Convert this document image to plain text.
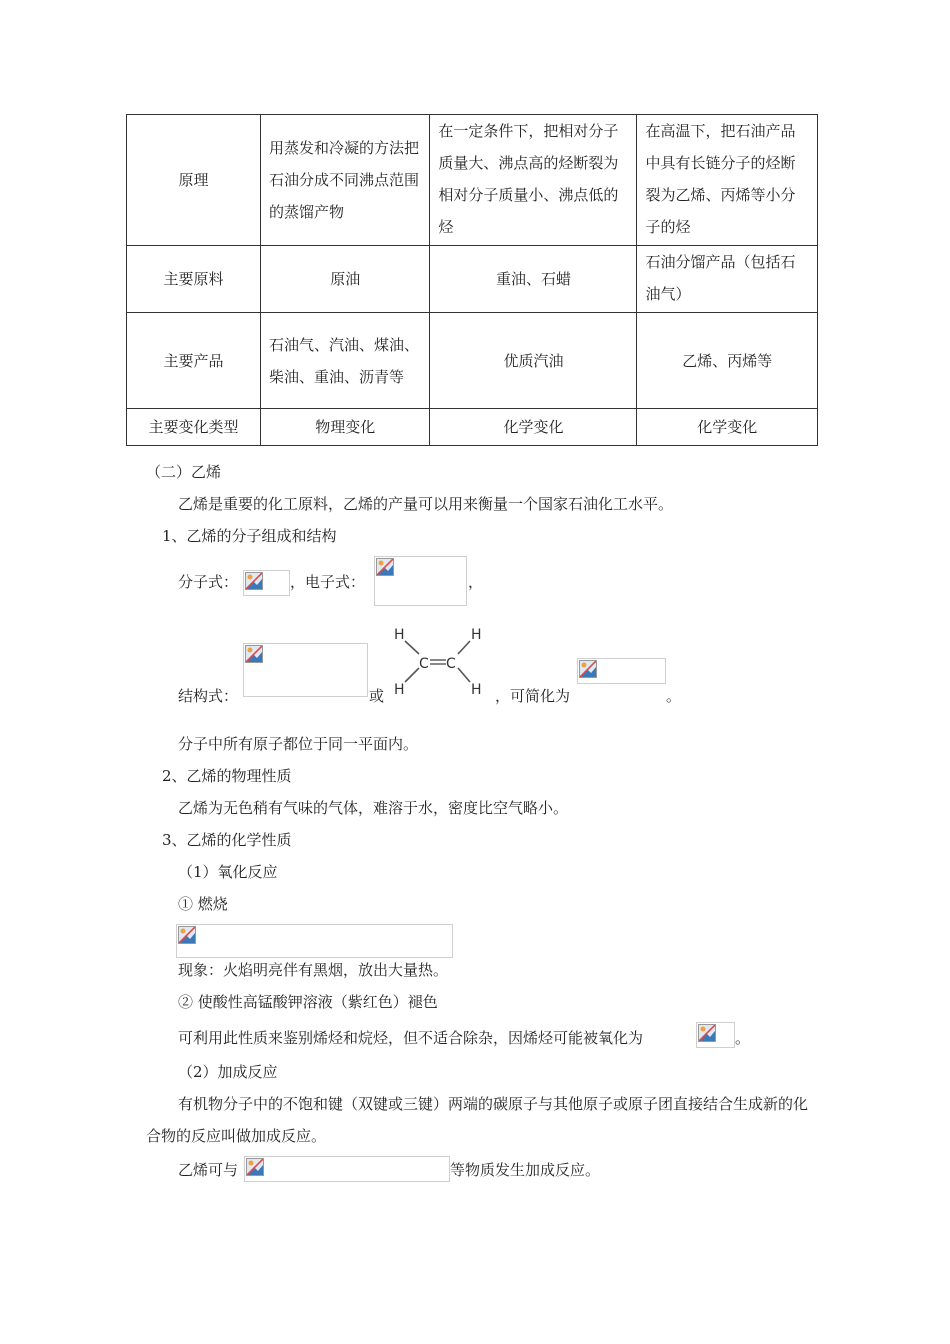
原理	用蒸发和冷凝的方法把石油分成不同沸点范围的蒸馏产物	在一定条件下，把相对分子质量大、沸点高的烃断裂为相对分子质量小、沸点低的烃	在高温下，把石油产品中具有长链分子的烃断裂为乙烯、丙烯等小分子的烃
主要原料	原油	重油、石蜡	石油分馏产品（包括石油气）
主要产品	石油气、汽油、煤油、柴油、重油、沥青等	优质汽油	乙烯、丙烯等
主要变化类型	物理变化	化学变化	化学变化
（二）乙烯
乙烯是重要的化工原料，乙烯的产量可以用来衡量一个国家石油化工水平。
1、乙烯的分子组成和结构
分子式：	，电子式：	，
结构式：	或
H	H
H	H
C C
，可简化为	。
分子中所有原子都位于同一平面内。
2、乙烯的物理性质
乙烯为无色稍有气味的气体，难溶于水，密度比空气略小。
3、乙烯的化学性质
（1）氧化反应
① 燃烧
现象：火焰明亮伴有黑烟，放出大量热。
② 使酸性高锰酸钾溶液（紫红色）褪色
可利用此性质来鉴别烯烃和烷烃，但不适合除杂，因烯烃可能被氧化为	。
（2）加成反应
有机物分子中的不饱和键（双键或三键）两端的碳原子与其他原子或原子团直接结合生成新的化合物的反应叫做加成反应。
乙烯可与	等物质发生加成反应。
